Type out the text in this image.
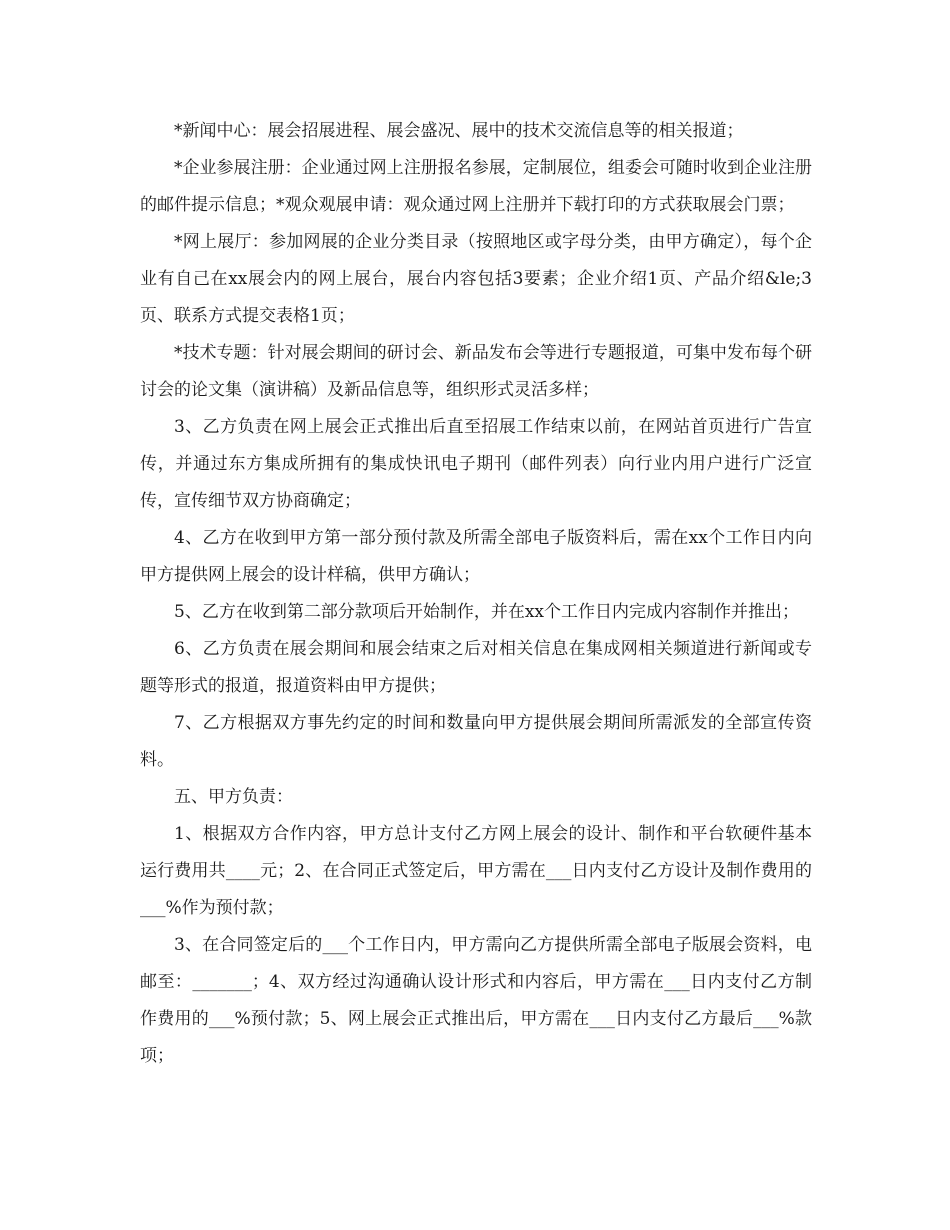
*新闻中心：展会招展进程、展会盛况、展中的技术交流信息等的相关报道；

*企业参展注册：企业通过网上注册报名参展，定制展位，组委会可随时收到企业注册的邮件提示信息；*观众观展申请：观众通过网上注册并下载打印的方式获取展会门票；

*网上展厅：参加网展的企业分类目录（按照地区或字母分类，由甲方确定），每个企业有自己在xx展会内的网上展台，展台内容包括3要素；企业介绍1页、产品介绍&le;3页、联系方式提交表格1页；

*技术专题：针对展会期间的研讨会、新品发布会等进行专题报道，可集中发布每个研讨会的论文集（演讲稿）及新品信息等，组织形式灵活多样；

3、乙方负责在网上展会正式推出后直至招展工作结束以前，在网站首页进行广告宣传，并通过东方集成所拥有的集成快讯电子期刊（邮件列表）向行业内用户进行广泛宣传，宣传细节双方协商确定；

4、乙方在收到甲方第一部分预付款及所需全部电子版资料后，需在xx个工作日内向甲方提供网上展会的设计样稿，供甲方确认；

5、乙方在收到第二部分款项后开始制作，并在xx个工作日内完成内容制作并推出；

6、乙方负责在展会期间和展会结束之后对相关信息在集成网相关频道进行新闻或专题等形式的报道，报道资料由甲方提供；

7、乙方根据双方事先约定的时间和数量向甲方提供展会期间所需派发的全部宣传资料。

五、甲方负责：

1、根据双方合作内容，甲方总计支付乙方网上展会的设计、制作和平台软硬件基本运行费用共____元；2、在合同正式签定后，甲方需在___日内支付乙方设计及制作费用的___%作为预付款；

3、在合同签定后的___个工作日内，甲方需向乙方提供所需全部电子版展会资料，电邮至：_______；4、双方经过沟通确认设计形式和内容后，甲方需在___日内支付乙方制作费用的___%预付款；5、网上展会正式推出后，甲方需在___日内支付乙方最后___%款项；
